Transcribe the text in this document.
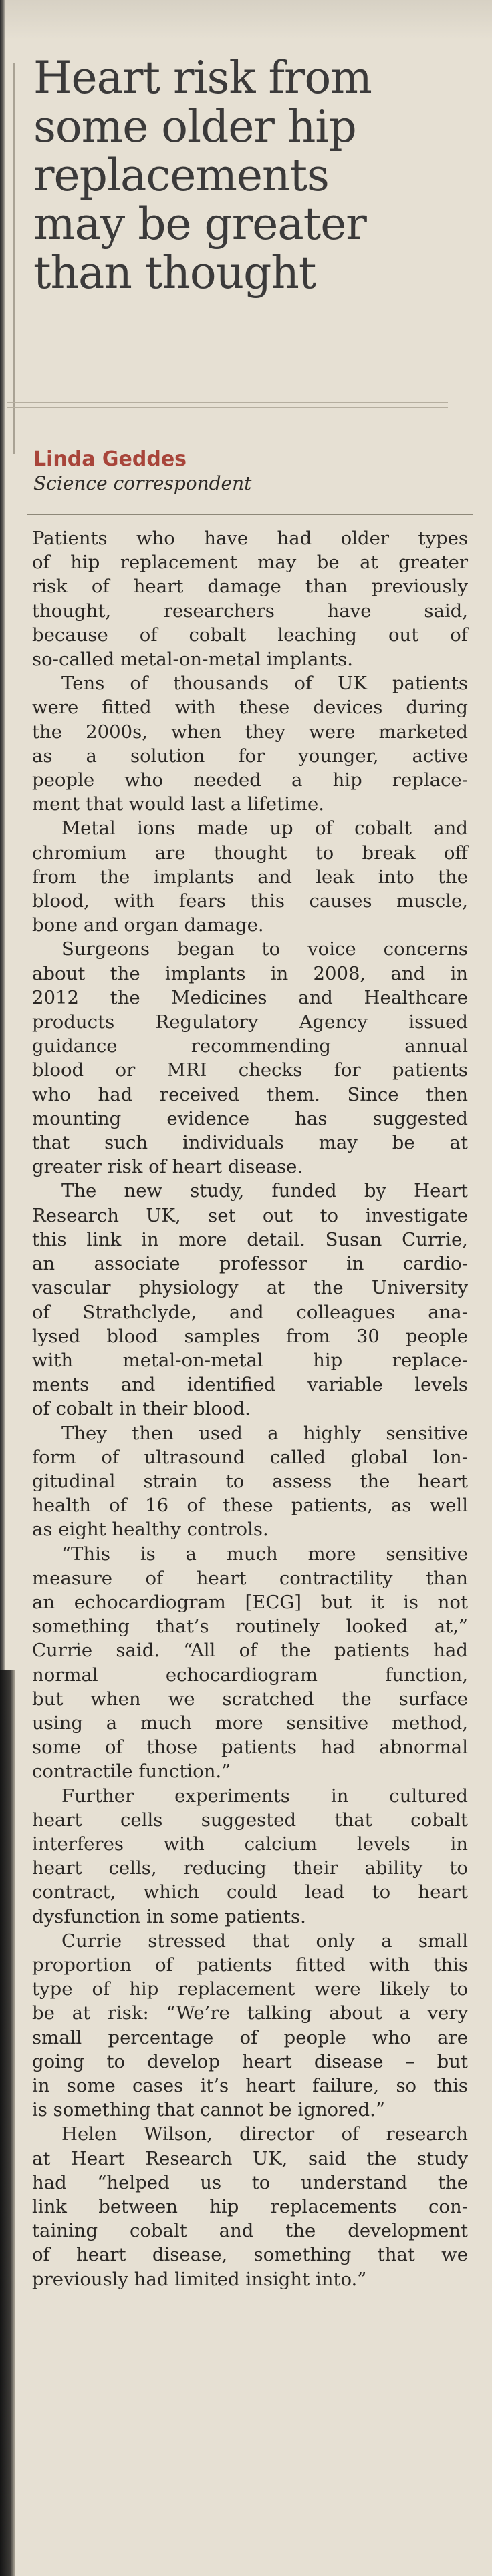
Heart risk from
some older hip
replacements
may be greater
than thought
Linda Geddes
Science correspondent

Patients who have had older types
of hip replacement may be at greater
risk of heart damage than previously
thought, researchers have said,
because of cobalt leaching out of
so-called metal-on-metal implants.

Tens of thousands of UK patients
were fitted with these devices during
the 2000s, when they were marketed
as a solution for younger, active
people who needed a hip replace-
ment that would last a lifetime.

Metal ions made up of cobalt and
chromium are thought to break off
from the implants and leak into the
blood, with fears this causes muscle,
bone and organ damage.

Surgeons began to voice concerns
about the implants in 2008, and in
2012 the Medicines and Healthcare
products Regulatory Agency issued
guidance recommending annual
blood or MRI checks for patients
who had received them. Since then
mounting evidence has suggested
that such individuals may be at
greater risk of heart disease.

The new study, funded by Heart
Research UK, set out to investigate
this link in more detail. Susan Currie,
an associate professor in cardio-
vascular physiology at the University
of Strathclyde, and colleagues ana-
lysed blood samples from 30 people
with metal-on-metal hip replace-
ments and identified variable levels
of cobalt in their blood.

They then used a highly sensitive
form of ultrasound called global lon-
gitudinal strain to assess the heart
health of 16 of these patients, as well
as eight healthy controls.

“This is a much more sensitive
measure of heart contractility than
an echocardiogram [ECG] but it is not
something that’s routinely looked at,”
Currie said. “All of the patients had
normal echocardiogram function,
but when we scratched the surface
using a much more sensitive method,
some of those patients had abnormal
contractile function.”

Further experiments in cultured
heart cells suggested that cobalt
interferes with calcium levels in
heart cells, reducing their ability to
contract, which could lead to heart
dysfunction in some patients.

Currie stressed that only a small
proportion of patients fitted with this
type of hip replacement were likely to
be at risk: “We’re talking about a very
small percentage of people who are
going to develop heart disease – but
in some cases it’s heart failure, so this
is something that cannot be ignored.”

Helen Wilson, director of research
at Heart Research UK, said the study
had “helped us to understand the
link between hip replacements con-
taining cobalt and the development
of heart disease, something that we
previously had limited insight into.”
